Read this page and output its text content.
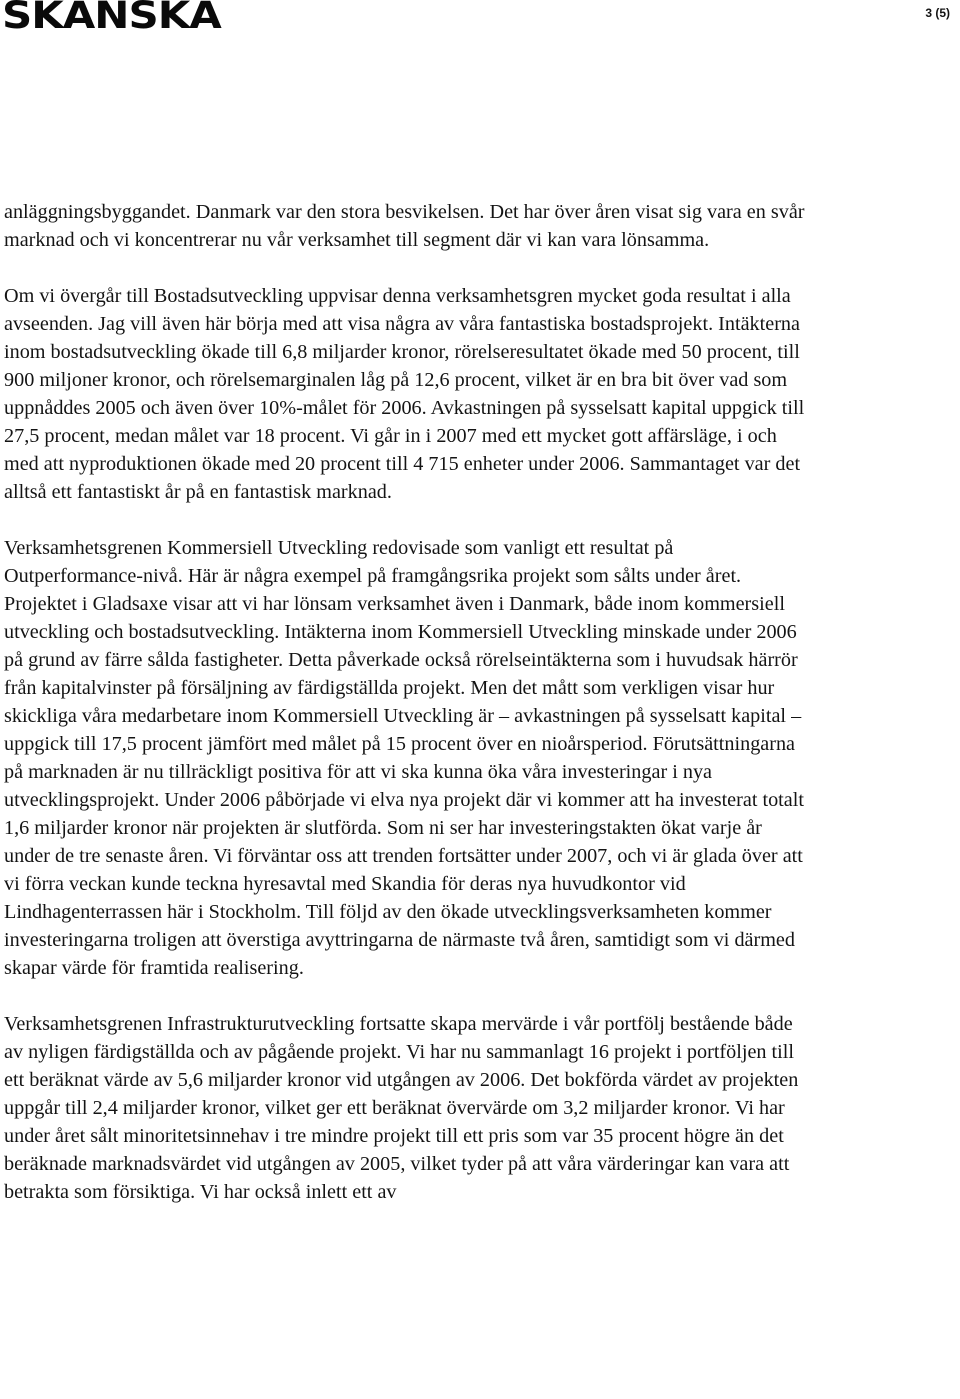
SKANSKA	3 (5)

anläggningsbyggandet. Danmark var den stora besvikelsen. Det har över åren visat sig vara en svår marknad och vi koncentrerar nu vår verksamhet till segment där vi kan vara lönsamma.

Om vi övergår till Bostadsutveckling uppvisar denna verksamhetsgren mycket goda resultat i alla avseenden. Jag vill även här börja med att visa några av våra fantastiska bostadsprojekt. Intäkterna inom bostadsutveckling ökade till 6,8 miljarder kronor, rörelseresultatet ökade med 50 procent, till 900 miljoner kronor, och rörelsemarginalen låg på 12,6 procent, vilket är en bra bit över vad som uppnåddes 2005 och även över 10%-målet för 2006. Avkastningen på sysselsatt kapital uppgick till 27,5 procent, medan målet var 18 procent. Vi går in i 2007 med ett mycket gott affärsläge, i och med att nyproduktionen ökade med 20 procent till 4 715 enheter under 2006. Sammantaget var det alltså ett fantastiskt år på en fantastisk marknad.

Verksamhetsgrenen Kommersiell Utveckling redovisade som vanligt ett resultat på Outperformance-nivå. Här är några exempel på framgångsrika projekt som sålts under året. Projektet i Gladsaxe visar att vi har lönsam verksamhet även i Danmark, både inom kommersiell utveckling och bostadsutveckling. Intäkterna inom Kommersiell Utveckling minskade under 2006 på grund av färre sålda fastigheter. Detta påverkade också rörelseintäkterna som i huvudsak härrör från kapitalvinster på försäljning av färdigställda projekt. Men det mått som verkligen visar hur skickliga våra medarbetare inom Kommersiell Utveckling är – avkastningen på sysselsatt kapital – uppgick till 17,5 procent jämfört med målet på 15 procent över en nioårsperiod. Förutsättningarna på marknaden är nu tillräckligt positiva för att vi ska kunna öka våra investeringar i nya utvecklingsprojekt. Under 2006 påbörjade vi elva nya projekt där vi kommer att ha investerat totalt 1,6 miljarder kronor när projekten är slutförda. Som ni ser har investeringstakten ökat varje år under de tre senaste åren. Vi förväntar oss att trenden fortsätter under 2007, och vi är glada över att vi förra veckan kunde teckna hyresavtal med Skandia för deras nya huvudkontor vid Lindhagenterrassen här i Stockholm. Till följd av den ökade utvecklingsverksamheten kommer investeringarna troligen att överstiga avyttringarna de närmaste två åren, samtidigt som vi därmed skapar värde för framtida realisering.

Verksamhetsgrenen Infrastrukturutveckling fortsatte skapa mervärde i vår portfölj bestående både av nyligen färdigställda och av pågående projekt. Vi har nu sammanlagt 16 projekt i portföljen till ett beräknat värde av 5,6 miljarder kronor vid utgången av 2006. Det bokförda värdet av projekten uppgår till 2,4 miljarder kronor, vilket ger ett beräknat övervärde om 3,2 miljarder kronor. Vi har under året sålt minoritetsinnehav i tre mindre projekt till ett pris som var 35 procent högre än det beräknade marknadsvärdet vid utgången av 2005, vilket tyder på att våra värderingar kan vara att betrakta som försiktiga. Vi har också inlett ett av
